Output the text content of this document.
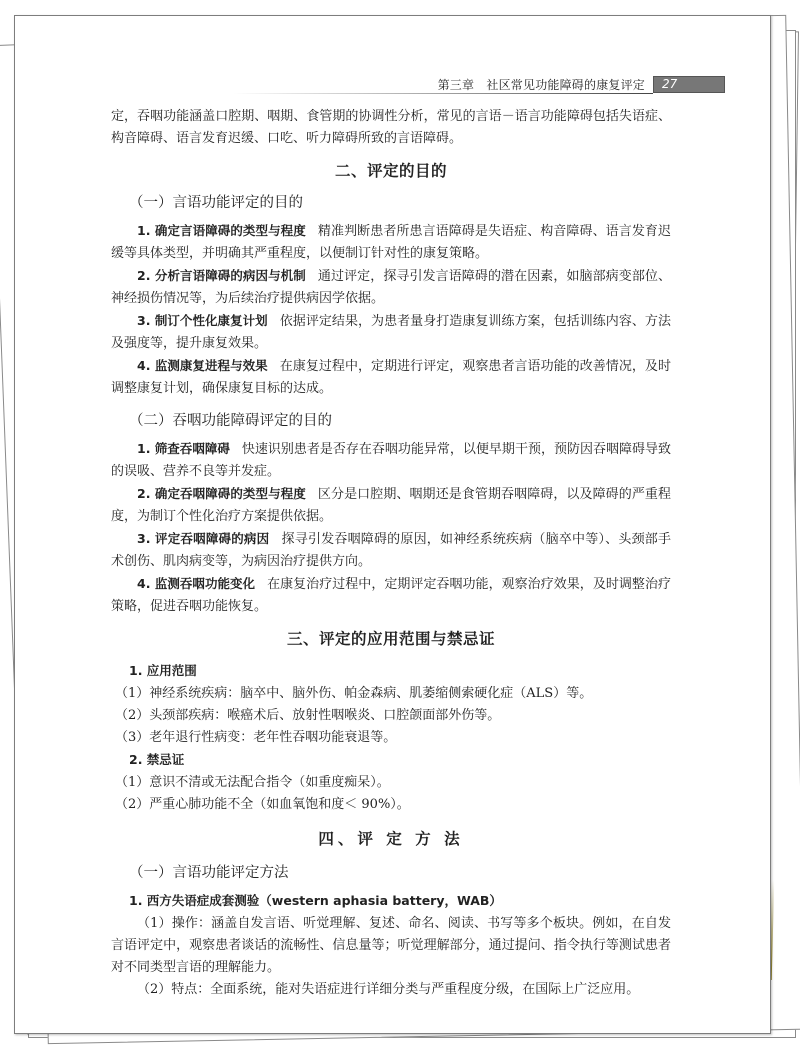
第三章　社区常见功能障碍的康复评定	27

定，吞咽功能涵盖口腔期、咽期、食管期的协调性分析，常见的言语－语言功能障碍包括失语症、构音障碍、语言发育迟缓、口吃、听力障碍所致的言语障碍。

二、评定的目的
（一）言语功能评定的目的

1. 确定言语障碍的类型与程度 精准判断患者所患言语障碍是失语症、构音障碍、语言发育迟缓等具体类型，并明确其严重程度，以便制订针对性的康复策略。

2. 分析言语障碍的病因与机制 通过评定，探寻引发言语障碍的潜在因素，如脑部病变部位、神经损伤情况等，为后续治疗提供病因学依据。

3. 制订个性化康复计划 依据评定结果，为患者量身打造康复训练方案，包括训练内容、方法及强度等，提升康复效果。

4. 监测康复进程与效果 在康复过程中，定期进行评定，观察患者言语功能的改善情况，及时调整康复计划，确保康复目标的达成。

（二）吞咽功能障碍评定的目的

1. 筛查吞咽障碍 快速识别患者是否存在吞咽功能异常，以便早期干预，预防因吞咽障碍导致的误吸、营养不良等并发症。

2. 确定吞咽障碍的类型与程度 区分是口腔期、咽期还是食管期吞咽障碍，以及障碍的严重程度，为制订个性化治疗方案提供依据。

3. 评定吞咽障碍的病因 探寻引发吞咽障碍的原因，如神经系统疾病（脑卒中等）、头颈部手术创伤、肌肉病变等，为病因治疗提供方向。

4. 监测吞咽功能变化 在康复治疗过程中，定期评定吞咽功能，观察治疗效果，及时调整治疗策略，促进吞咽功能恢复。

三、评定的应用范围与禁忌证

1. 应用范围

（1）神经系统疾病：脑卒中、脑外伤、帕金森病、肌萎缩侧索硬化症（ALS）等。

（2）头颈部疾病：喉癌术后、放射性咽喉炎、口腔颌面部外伤等。

（3）老年退行性病变：老年性吞咽功能衰退等。

2. 禁忌证

（1）意识不清或无法配合指令（如重度痴呆）。

（2）严重心肺功能不全（如血氧饱和度＜ 90%）。

四、评 定 方 法
（一）言语功能评定方法

1. 西方失语症成套测验（western aphasia battery，WAB）

（1）操作：涵盖自发言语、听觉理解、复述、命名、阅读、书写等多个板块。例如，在自发言语评定中，观察患者谈话的流畅性、信息量等；听觉理解部分，通过提问、指令执行等测试患者对不同类型言语的理解能力。

（2）特点：全面系统，能对失语症进行详细分类与严重程度分级，在国际上广泛应用。
